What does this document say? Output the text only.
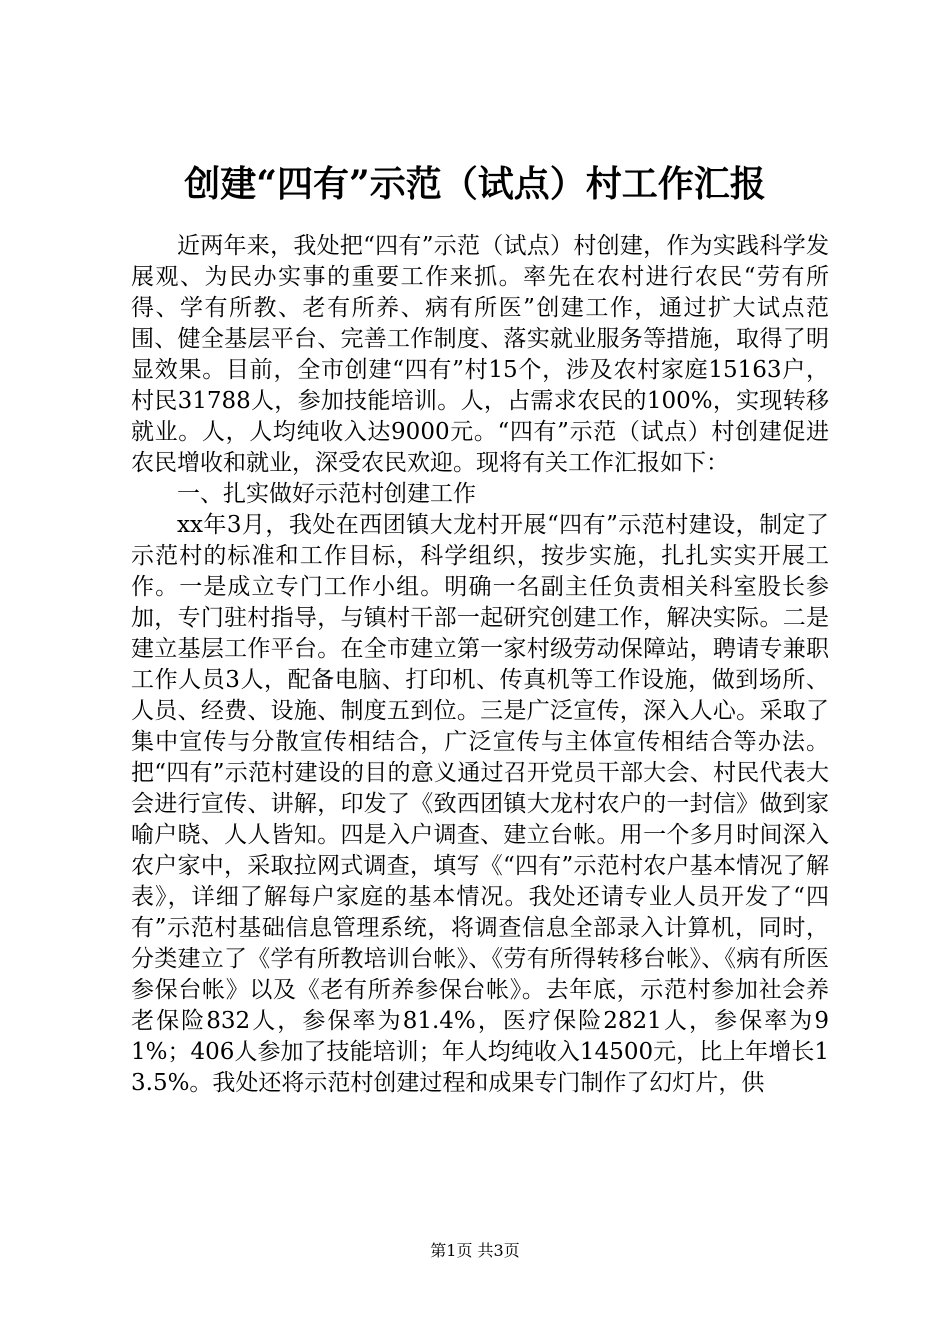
创建“四有”示范（试点）村工作汇报

近两年来，我处把“四有”示范（试点）村创建，作为实践科学发展观、为民办实事的重要工作来抓。率先在农村进行农民“劳有所得、学有所教、老有所养、病有所医”创建工作，通过扩大试点范围、健全基层平台、完善工作制度、落实就业服务等措施，取得了明显效果。目前，全市创建“四有”村15个，涉及农村家庭15163户，村民31788人，参加技能培训。人，占需求农民的100%，实现转移就业。人，人均纯收入达9000元。“四有”示范（试点）村创建促进农民增收和就业，深受农民欢迎。现将有关工作汇报如下：

一、扎实做好示范村创建工作

xx年3月，我处在西团镇大龙村开展“四有”示范村建设，制定了示范村的标准和工作目标，科学组织，按步实施，扎扎实实开展工作。一是成立专门工作小组。明确一名副主任负责相关科室股长参加，专门驻村指导，与镇村干部一起研究创建工作，解决实际。二是建立基层工作平台。在全市建立第一家村级劳动保障站，聘请专兼职工作人员3人，配备电脑、打印机、传真机等工作设施，做到场所、人员、经费、设施、制度五到位。三是广泛宣传，深入人心。采取了集中宣传与分散宣传相结合，广泛宣传与主体宣传相结合等办法。把“四有”示范村建设的目的意义通过召开党员干部大会、村民代表大会进行宣传、讲解，印发了《致西团镇大龙村农户的一封信》做到家喻户晓、人人皆知。四是入户调查、建立台帐。用一个多月时间深入农户家中，采取拉网式调查，填写《“四有”示范村农户基本情况了解表》，详细了解每户家庭的基本情况。我处还请专业人员开发了“四有”示范村基础信息管理系统，将调查信息全部录入计算机，同时，分类建立了《学有所教培训台帐》、《劳有所得转移台帐》、《病有所医参保台帐》以及《老有所养参保台帐》。去年底，示范村参加社会养老保险832人，参保率为81.4%，医疗保险2821人，参保率为91%；406人参加了技能培训；年人均纯收入14500元，比上年增长13.5%。我处还将示范村创建过程和成果专门制作了幻灯片，供

第1页 共3页
